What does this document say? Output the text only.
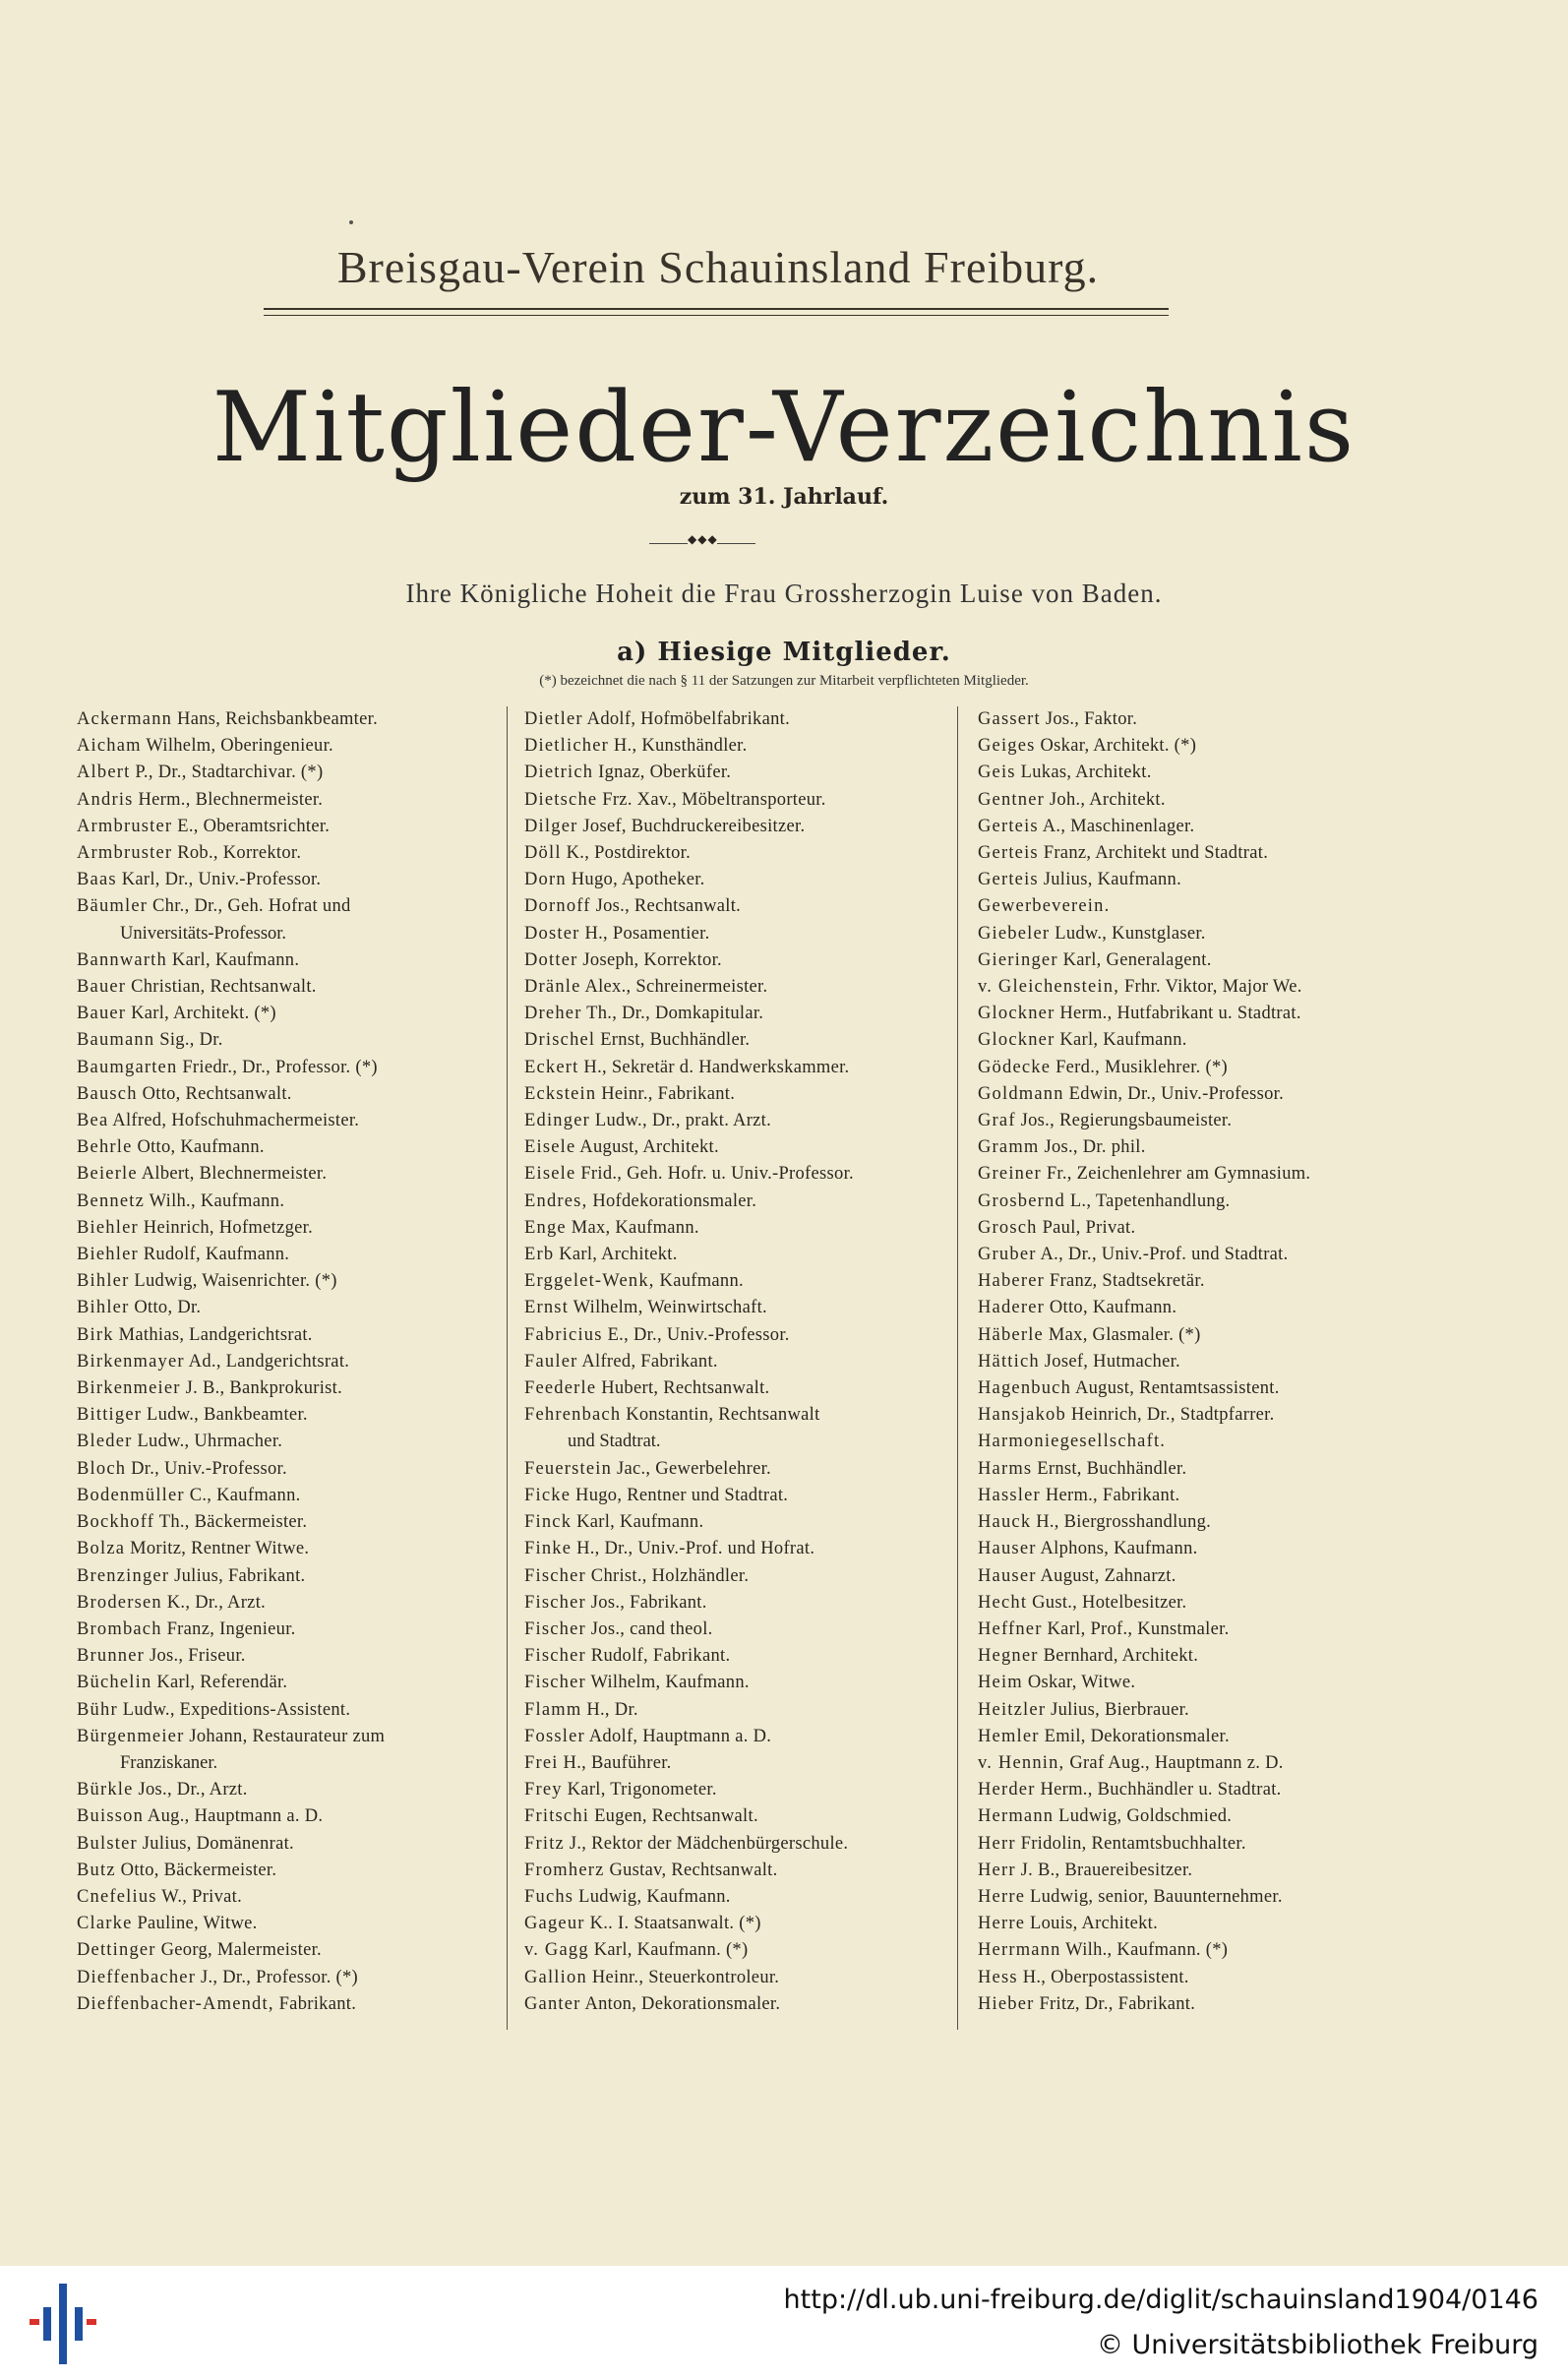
Breisgau-Verein Schauinsland Freiburg.
Mitglieder-Verzeichnis
zum 31. Jahrlauf.
◆◆◆
Ihre Königliche Hoheit die Frau Grossherzogin Luise von Baden.
a) Hiesige Mitglieder.
(*) bezeichnet die nach § 11 der Satzungen zur Mitarbeit verpflichteten Mitglieder.
Ackermann Hans, Reichsbankbeamter.
Aicham Wilhelm, Oberingenieur.
Albert P., Dr., Stadtarchivar. (*)
Andris Herm., Blechnermeister.
Armbruster E., Oberamtsrichter.
Armbruster Rob., Korrektor.
Baas Karl, Dr., Univ.-Professor.
Bäumler Chr., Dr., Geh. Hofrat und
Universitäts-Professor.
Bannwarth Karl, Kaufmann.
Bauer Christian, Rechtsanwalt.
Bauer Karl, Architekt. (*)
Baumann Sig., Dr.
Baumgarten Friedr., Dr., Professor. (*)
Bausch Otto, Rechtsanwalt.
Bea Alfred, Hofschuhmachermeister.
Behrle Otto, Kaufmann.
Beierle Albert, Blechnermeister.
Bennetz Wilh., Kaufmann.
Biehler Heinrich, Hofmetzger.
Biehler Rudolf, Kaufmann.
Bihler Ludwig, Waisenrichter. (*)
Bihler Otto, Dr.
Birk Mathias, Landgerichtsrat.
Birkenmayer Ad., Landgerichtsrat.
Birkenmeier J. B., Bankprokurist.
Bittiger Ludw., Bankbeamter.
Bleder Ludw., Uhrmacher.
Bloch Dr., Univ.-Professor.
Bodenmüller C., Kaufmann.
Bockhoff Th., Bäckermeister.
Bolza Moritz, Rentner Witwe.
Brenzinger Julius, Fabrikant.
Brodersen K., Dr., Arzt.
Brombach Franz, Ingenieur.
Brunner Jos., Friseur.
Büchelin Karl, Referendär.
Bühr Ludw., Expeditions-Assistent.
Bürgenmeier Johann, Restaurateur zum
Franziskaner.
Bürkle Jos., Dr., Arzt.
Buisson Aug., Hauptmann a. D.
Bulster Julius, Domänenrat.
Butz Otto, Bäckermeister.
Cnefelius W., Privat.
Clarke Pauline, Witwe.
Dettinger Georg, Malermeister.
Dieffenbacher J., Dr., Professor. (*)
Dieffenbacher-Amendt, Fabrikant.
Dietler Adolf, Hofmöbelfabrikant.
Dietlicher H., Kunsthändler.
Dietrich Ignaz, Oberküfer.
Dietsche Frz. Xav., Möbeltransporteur.
Dilger Josef, Buchdruckereibesitzer.
Döll K., Postdirektor.
Dorn Hugo, Apotheker.
Dornoff Jos., Rechtsanwalt.
Doster H., Posamentier.
Dotter Joseph, Korrektor.
Dränle Alex., Schreinermeister.
Dreher Th., Dr., Domkapitular.
Drischel Ernst, Buchhändler.
Eckert H., Sekretär d. Handwerkskammer.
Eckstein Heinr., Fabrikant.
Edinger Ludw., Dr., prakt. Arzt.
Eisele August, Architekt.
Eisele Frid., Geh. Hofr. u. Univ.-Professor.
Endres, Hofdekorationsmaler.
Enge Max, Kaufmann.
Erb Karl, Architekt.
Erggelet-Wenk, Kaufmann.
Ernst Wilhelm, Weinwirtschaft.
Fabricius E., Dr., Univ.-Professor.
Fauler Alfred, Fabrikant.
Feederle Hubert, Rechtsanwalt.
Fehrenbach Konstantin, Rechtsanwalt
und Stadtrat.
Feuerstein Jac., Gewerbelehrer.
Ficke Hugo, Rentner und Stadtrat.
Finck Karl, Kaufmann.
Finke H., Dr., Univ.-Prof. und Hofrat.
Fischer Christ., Holzhändler.
Fischer Jos., Fabrikant.
Fischer Jos., cand theol.
Fischer Rudolf, Fabrikant.
Fischer Wilhelm, Kaufmann.
Flamm H., Dr.
Fossler Adolf, Hauptmann a. D.
Frei H., Bauführer.
Frey Karl, Trigonometer.
Fritschi Eugen, Rechtsanwalt.
Fritz J., Rektor der Mädchenbürgerschule.
Fromherz Gustav, Rechtsanwalt.
Fuchs Ludwig, Kaufmann.
Gageur K.. I. Staatsanwalt. (*)
v. Gagg Karl, Kaufmann. (*)
Gallion Heinr., Steuerkontroleur.
Ganter Anton, Dekorationsmaler.
Gassert Jos., Faktor.
Geiges Oskar, Architekt. (*)
Geis Lukas, Architekt.
Gentner Joh., Architekt.
Gerteis A., Maschinenlager.
Gerteis Franz, Architekt und Stadtrat.
Gerteis Julius, Kaufmann.
Gewerbeverein.
Giebeler Ludw., Kunstglaser.
Gieringer Karl, Generalagent.
v. Gleichenstein, Frhr. Viktor, Major We.
Glockner Herm., Hutfabrikant u. Stadtrat.
Glockner Karl, Kaufmann.
Gödecke Ferd., Musiklehrer. (*)
Goldmann Edwin, Dr., Univ.-Professor.
Graf Jos., Regierungsbaumeister.
Gramm Jos., Dr. phil.
Greiner Fr., Zeichenlehrer am Gymnasium.
Grosbernd L., Tapetenhandlung.
Grosch Paul, Privat.
Gruber A., Dr., Univ.-Prof. und Stadtrat.
Haberer Franz, Stadtsekretär.
Haderer Otto, Kaufmann.
Häberle Max, Glasmaler. (*)
Hättich Josef, Hutmacher.
Hagenbuch August, Rentamtsassistent.
Hansjakob Heinrich, Dr., Stadtpfarrer.
Harmoniegesellschaft.
Harms Ernst, Buchhändler.
Hassler Herm., Fabrikant.
Hauck H., Biergrosshandlung.
Hauser Alphons, Kaufmann.
Hauser August, Zahnarzt.
Hecht Gust., Hotelbesitzer.
Heffner Karl, Prof., Kunstmaler.
Hegner Bernhard, Architekt.
Heim Oskar, Witwe.
Heitzler Julius, Bierbrauer.
Hemler Emil, Dekorationsmaler.
v. Hennin, Graf Aug., Hauptmann z. D.
Herder Herm., Buchhändler u. Stadtrat.
Hermann Ludwig, Goldschmied.
Herr Fridolin, Rentamtsbuchhalter.
Herr J. B., Brauereibesitzer.
Herre Ludwig, senior, Bauunternehmer.
Herre Louis, Architekt.
Herrmann Wilh., Kaufmann. (*)
Hess H., Oberpostassistent.
Hieber Fritz, Dr., Fabrikant.
http://dl.ub.uni-freiburg.de/diglit/schauinsland1904/0146
© Universitätsbibliothek Freiburg
